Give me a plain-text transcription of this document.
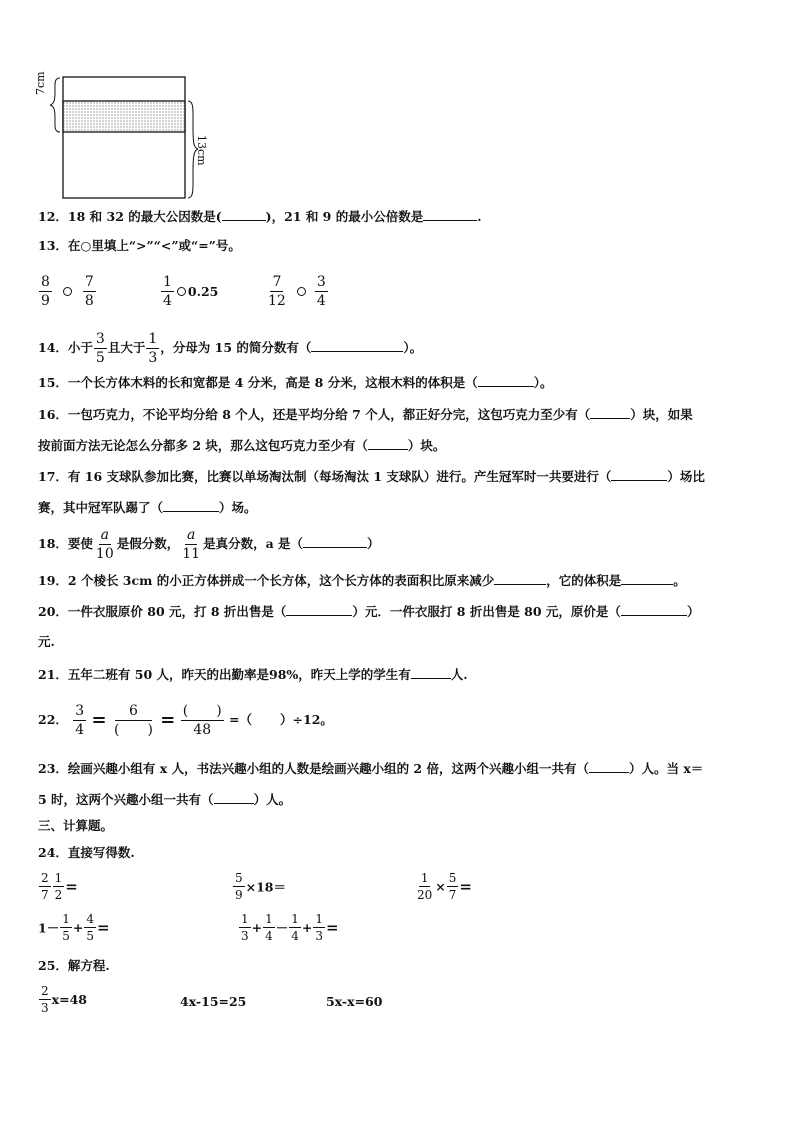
7cm
13cm
12．18 和 32 的最大公因数是(	)，21 和 9 的最小公倍数是	.
13．在○里填上“>”“<”或“=”号。
$\frac{8}{9} \frac{7}{8}$	$\frac{1}{4} 0.25$	$\frac{7}{12} \frac{3}{4}$
14．小于 $\frac{3}{5}$ 且大于 $\frac{1}{3}$ ，分母为 15 的简分数有（	）。
15．一个长方体木料的长和宽都是 4 分米，高是 8 分米，这根木料的体积是（	）。
16．一包巧克力，不论平均分给 8 个人，还是平均分给 7 个人，都正好分完，这包巧克力至少有（	）块，如果
按前面方法无论怎么分都多 2 块，那么这包巧克力至少有（	）块。
17．有 16 支球队参加比赛，比赛以单场淘汰制（每场淘汰 1 支球队）进行。产生冠军时一共要进行（	）场比
赛，其中冠军队踢了（	）场。
18．要使 $\frac{a}{10}$ 是假分数， $\frac{a}{11}$ 是真分数，a 是（	）
19．2 个棱长 3cm 的小正方体拼成一个长方体，这个长方体的表面积比原来减少	，它的体积是	。
20．一件衣服原价 80 元，打 8 折出售是（	）元．一件衣服打 8 折出售是 80 元，原价是（	）
元.
21．五年二班有 50 人，昨天的出勤率是98%，昨天上学的学生有	人.
22． $\frac{3}{4} = \frac{6}{( )} = \frac{( )}{48}$ =（ ）÷12。
23．绘画兴趣小组有 x 人，书法兴趣小组的人数是绘画兴趣小组的 2 倍，这两个兴趣小组一共有（	）人。当 x＝
5 时，这两个兴趣小组一共有（	）人。
三、计算题。
24．直接写得数.
$\frac{2}{7} \frac{1}{2}$ =	$\frac{5}{9} \times 18=$	$\frac{1}{20} \times \frac{5}{7}$ =
$1- \frac{1}{5} + \frac{4}{5}$ =	$\frac{1}{3} + \frac{1}{4} - \frac{1}{4} + \frac{1}{3}$ =
25．解方程.
$\frac{2}{3} x=48$	4x-15=25	5x-x=60
